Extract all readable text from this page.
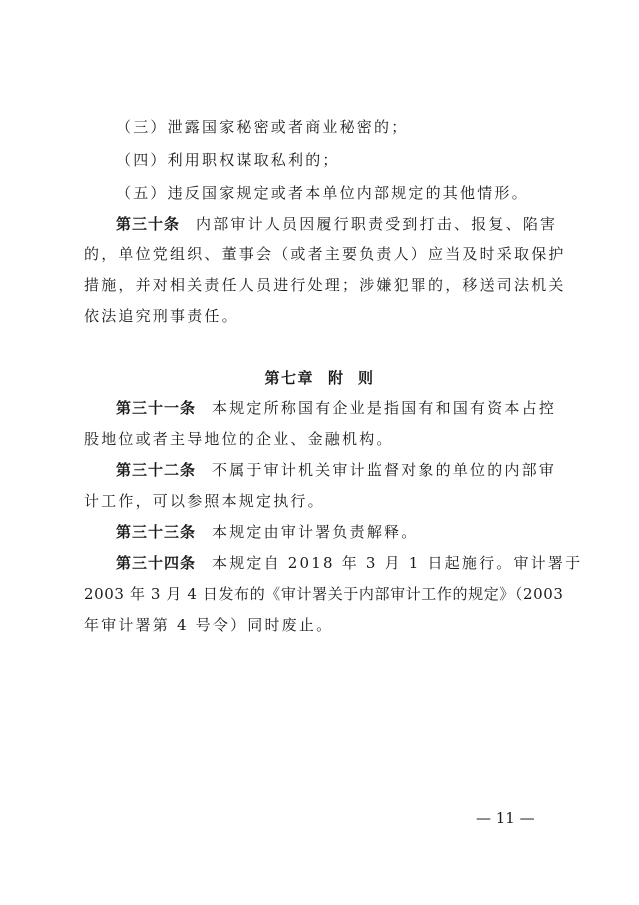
（三）泄露国家秘密或者商业秘密的；
（四）利用职权谋取私利的；
（五）违反国家规定或者本单位内部规定的其他情形。
第三十条 内部审计人员因履行职责受到打击、报复、陷害
的，单位党组织、董事会（或者主要负责人）应当及时采取保护
措施，并对相关责任人员进行处理；涉嫌犯罪的，移送司法机关
依法追究刑事责任。
第七章 附  则
第三十一条 本规定所称国有企业是指国有和国有资本占控
股地位或者主导地位的企业、金融机构。
第三十二条 不属于审计机关审计监督对象的单位的内部审
计工作，可以参照本规定执行。
第三十三条 本规定由审计署负责解释。
第三十四条 本规定自 2018 年 3 月 1 日起施行。审计署于
2003 年 3 月 4 日发布的《审计署关于内部审计工作的规定》（2003
年审计署第 4 号令）同时废止。
— 11 —
